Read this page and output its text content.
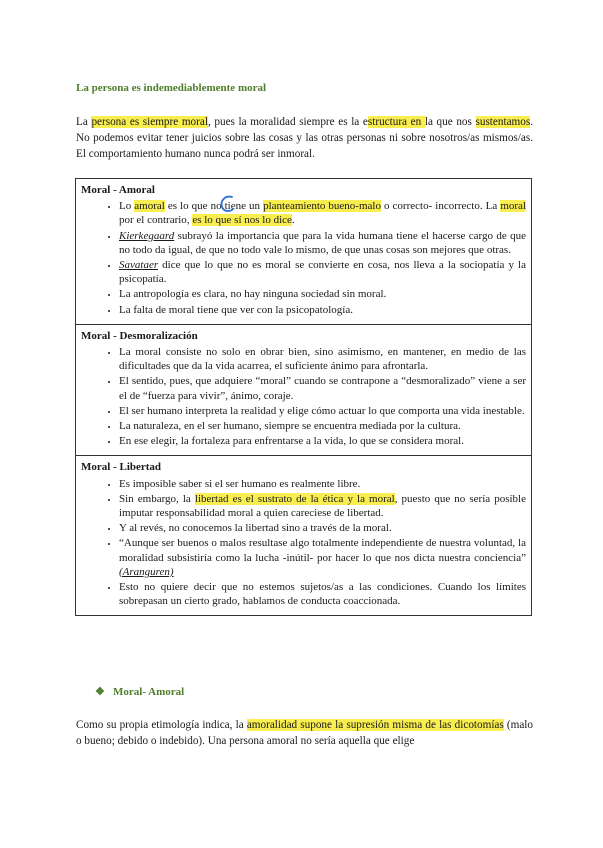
La persona es indemediablemente moral
La persona es siempre moral, pues la moralidad siempre es la estructura en la que nos sustentamos. No podemos evitar tener juicios sobre las cosas y las otras personas ni sobre nosotros/as mismos/as. El comportamiento humano nunca podrá ser inmoral.
Moral - Amoral
• Lo amoral es lo que no tiene un planteamiento bueno-malo o correcto- incorrecto. La moral por el contrario, es lo que sí nos lo dice.
• Kierkegaard subrayó la importancia que para la vida humana tiene el hacerse cargo de que no todo da igual, de que no todo vale lo mismo, de que unas cosas son mejores que otras.
• Savataer dice que lo que no es moral se convierte en cosa, nos lleva a la sociopatía y la psicopatía.
• La antropología es clara, no hay ninguna sociedad sin moral.
• La falta de moral tiene que ver con la psicopatología.
Moral - Desmoralización
• La moral consiste no solo en obrar bien, sino asimismo, en mantener, en medio de las dificultades que da la vida acarrea, el suficiente ánimo para afrontarla.
• El sentido, pues, que adquiere “moral” cuando se contrapone a “desmoralizado” viene a ser el de “fuerza para vivir”, ánimo, coraje.
• El ser humano interpreta la realidad y elige cómo actuar lo que comporta una vida inestable.
• La naturaleza, en el ser humano, siempre se encuentra mediada por la cultura.
• En ese elegir, la fortaleza para enfrentarse a la vida, lo que se considera moral.
Moral - Libertad
• Es imposible saber si el ser humano es realmente libre.
• Sin embargo, la libertad es el sustrato de la ética y la moral, puesto que no sería posible imputar responsabilidad moral a quien careciese de libertad.
• Y al revés, no conocemos la libertad sino a través de la moral.
• “Aunque ser buenos o malos resultase algo totalmente independiente de nuestra voluntad, la moralidad subsistiría como la lucha -inútil- por hacer lo que nos dicta nuestra conciencia” (Aranguren)
• Esto no quiere decir que no estemos sujetos/as a las condiciones. Cuando los límites sobrepasan un cierto grado, hablamos de conducta coaccionada.
❖ Moral- Amoral
Como su propia etimología indica, la amoralidad supone la supresión misma de las dicotomías (malo o bueno; debido o indebido). Una persona amoral no sería aquella que elige
